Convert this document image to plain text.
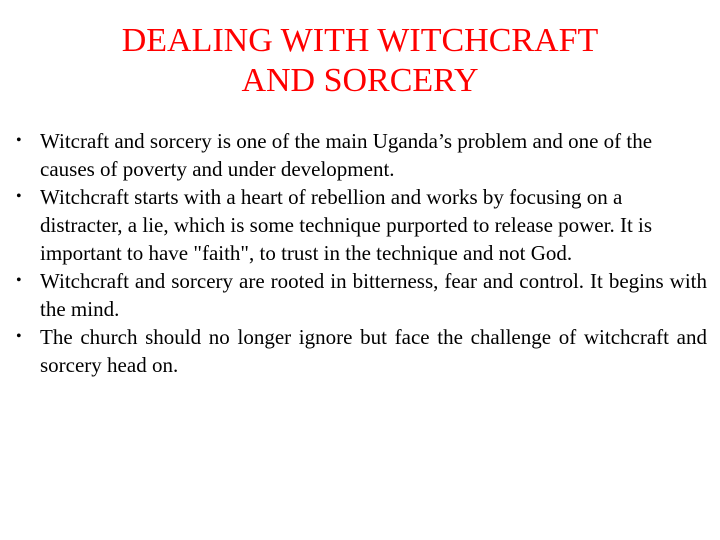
DEALING WITH WITCHCRAFT
AND SORCERY
• Witcraft and sorcery is one of the main Uganda’s problem and one of the causes of poverty and under development.
• Witchcraft starts with a heart of rebellion and works by focusing on a distracter, a lie, which is some technique purported to release power. It is important to have "faith", to trust in the technique and not God.
• Witchcraft and sorcery are rooted in bitterness, fear and control. It begins with the mind.
• The church should no longer ignore but face the challenge of witchcraft and sorcery head on.
